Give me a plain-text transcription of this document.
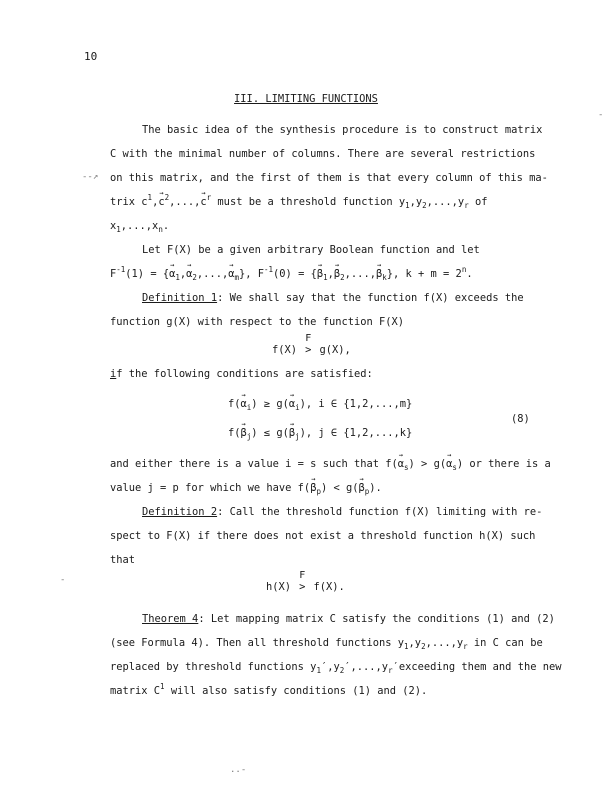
10
III. LIMITING FUNCTIONS
The basic idea of the synthesis procedure is to construct matrix
C with the minimal number of columns. There are several restrictions
on this matrix, and the first of them is that every column of this ma-
trix $c^1,\to c^2,...,\to c^r$ must be a threshold function $y_1,y_2,...,y_r$ of
$x_1,...,x_n$.
Let F(X) be a given arbitrary Boolean function and let
$F^{-1}(1)$ = {→ $\alpha_1,\to \alpha_2,...,\to \alpha_m$}, $F^{-1}(0)$ = {→ $\beta_1,\to \beta_2,...,\to \beta_k$}, $k + m = 2^n$.
Definition 1: We shall say that the function f(X) exceeds the
function g(X) with respect to the function F(X)
f(X)
F
> g(X),
if the following conditions are satisfied:
$f(\to \alpha_i) \ge g(\to \alpha_i)$, i ∈ {1,2,...,m}
$f(\to \beta_j) \le g(\to \beta_j)$, j ∈ {1,2,...,k}
(8)
and either there is a value i = s such that $f(\to \alpha_s) > g(\to \alpha_s)$ or there is a
value j = p for which we have $f(\to \beta_p) < g(\to \beta_p)$.
Definition 2: Call the threshold function f(X) limiting with re-
spect to F(X) if there does not exist a threshold function h(X) such
that
h(X)
F
> f(X).
Theorem 4: Let mapping matrix C satisfy the conditions (1) and (2)
(see Formula 4). Then all threshold functions $y_1,y_2,...,y_r$ in C can be
replaced by threshold functions $y_1',y_2',...,y_r'exceeding$ them and the new
matrix $C^1$ will also satisfy conditions (1) and (2).
--↗
-
-
..-
